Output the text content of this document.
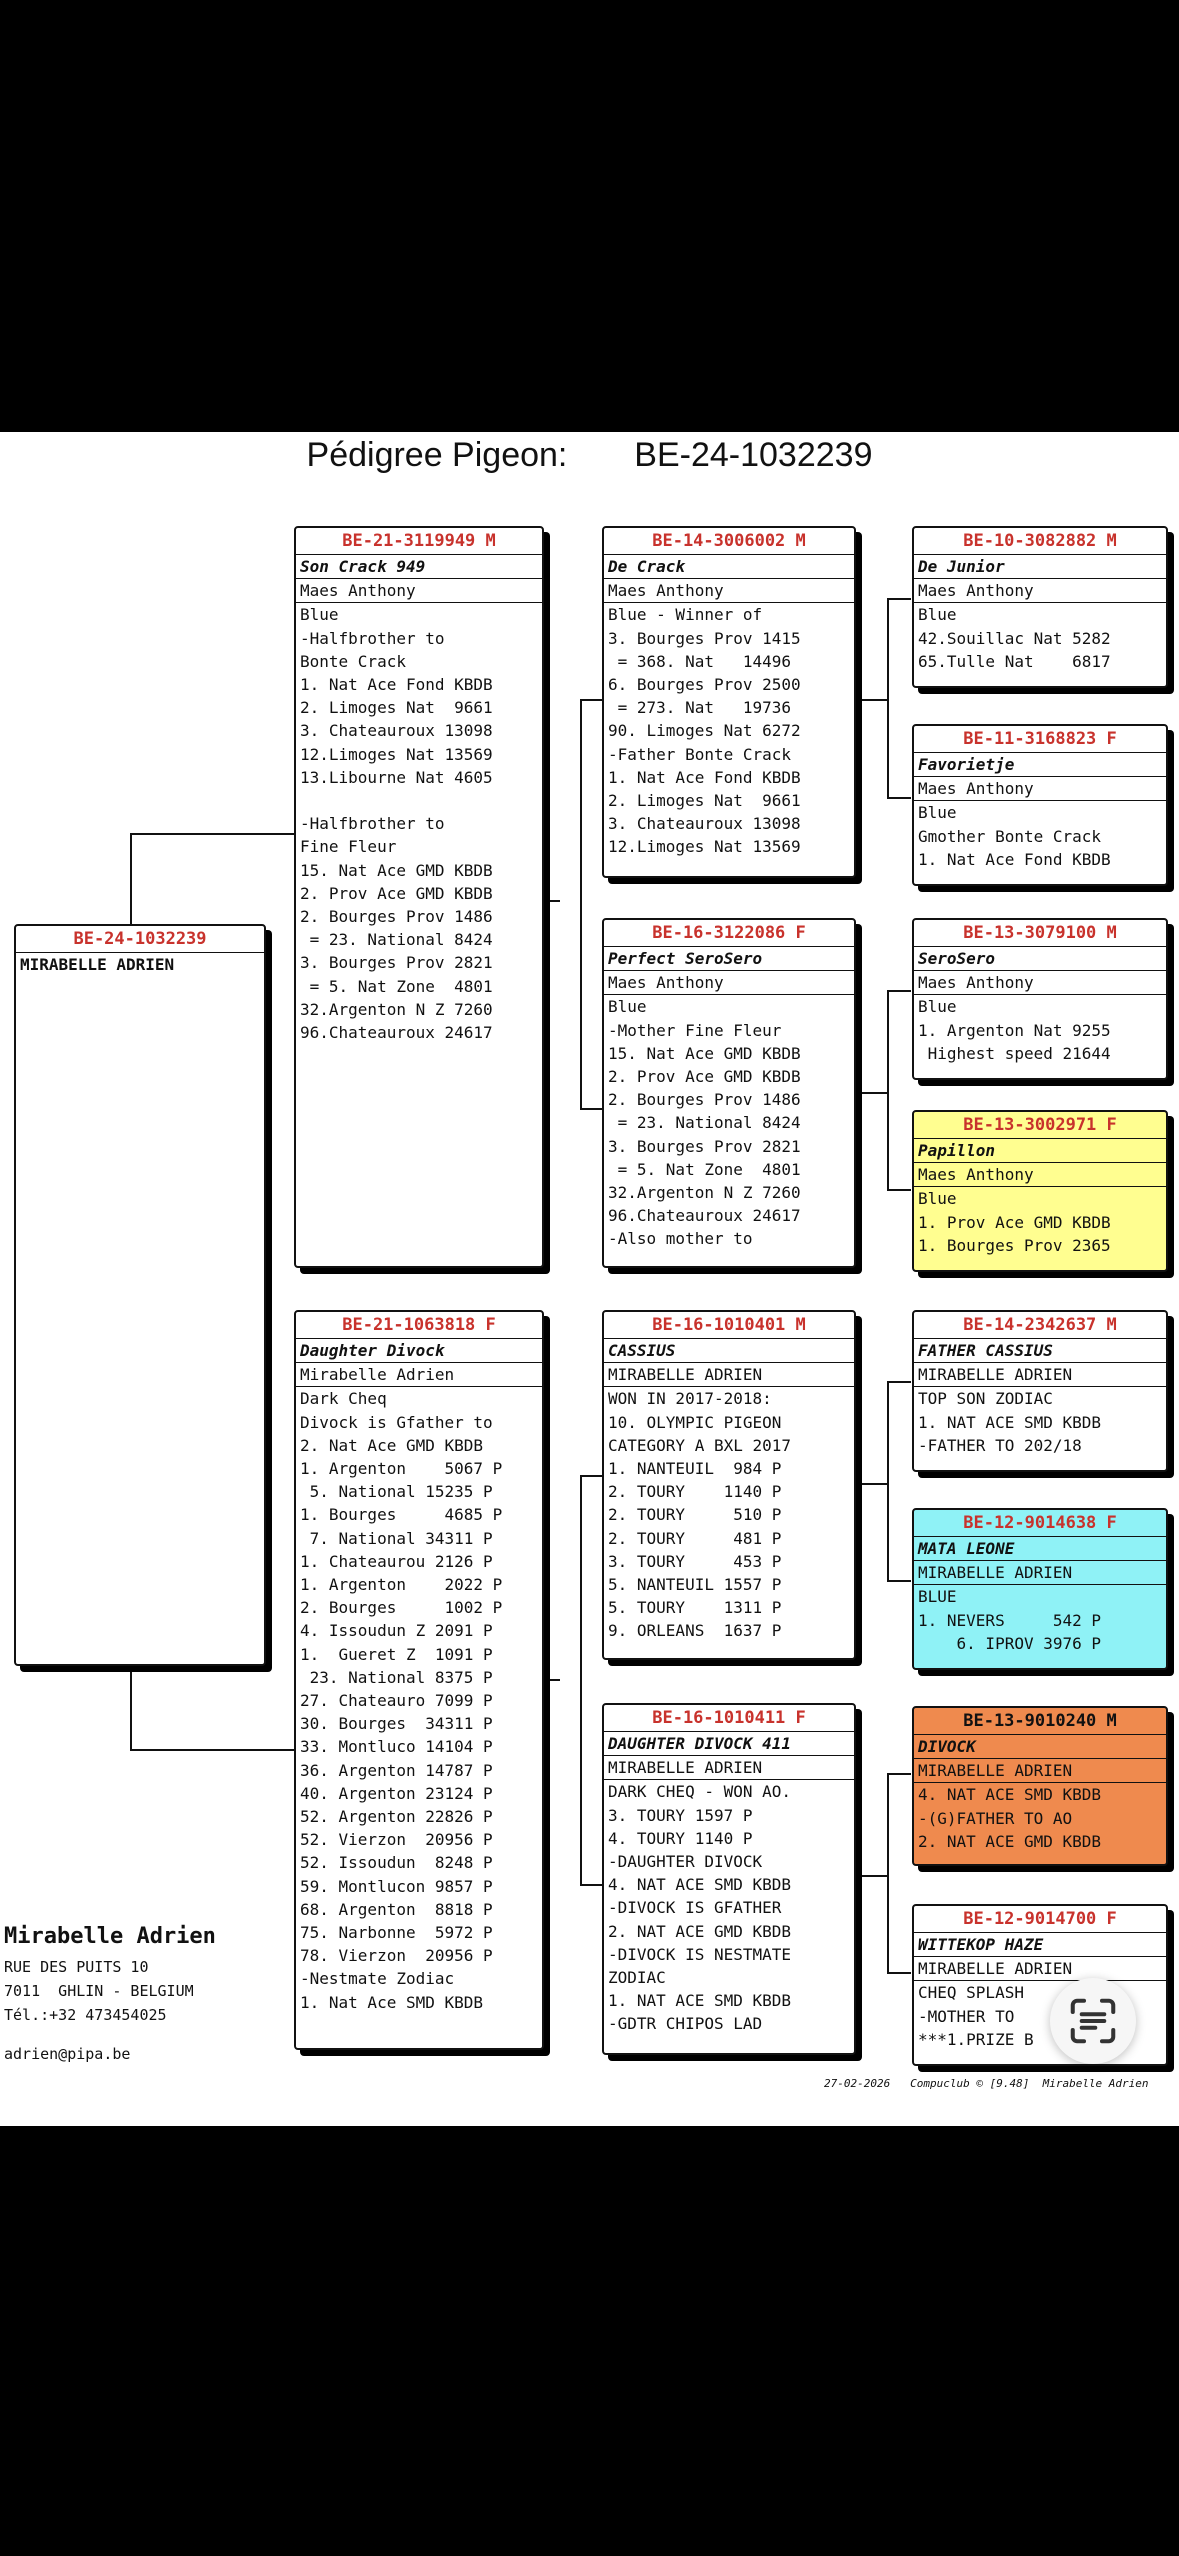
Pédigree Pigeon: BE-24-1032239
BE-24-1032239
MIRABELLE ADRIEN
BE-21-3119949 M
Son Crack 949
Maes Anthony
Blue
-Halfbrother to
Bonte Crack
1. Nat Ace Fond KBDB
2. Limoges Nat  9661
3. Chateauroux 13098
12.Limoges Nat 13569
13.Libourne Nat 4605
-Halfbrother to
Fine Fleur
15. Nat Ace GMD KBDB
2. Prov Ace GMD KBDB
2. Bourges Prov 1486
= 23. National 8424
3. Bourges Prov 2821
= 5. Nat Zone  4801
32.Argenton N Z 7260
96.Chateauroux 24617
BE-21-1063818 F
Daughter Divock
Mirabelle Adrien
Dark Cheq
Divock is Gfather to
2. Nat Ace GMD KBDB
1. Argenton    5067 P
5. National 15235 P
1. Bourges     4685 P
7. National 34311 P
1. Chateaurou 2126 P
1. Argenton    2022 P
2. Bourges     1002 P
4. Issoudun Z 2091 P
1.  Gueret Z  1091 P
23. National 8375 P
27. Chateauro 7099 P
30. Bourges  34311 P
33. Montluco 14104 P
36. Argenton 14787 P
40. Argenton 23124 P
52. Argenton 22826 P
52. Vierzon  20956 P
52. Issoudun  8248 P
59. Montlucon 9857 P
68. Argenton  8818 P
75. Narbonne  5972 P
78. Vierzon  20956 P
-Nestmate Zodiac
1. Nat Ace SMD KBDB
BE-14-3006002 M
De Crack
Maes Anthony
Blue - Winner of
3. Bourges Prov 1415
= 368. Nat   14496
6. Bourges Prov 2500
= 273. Nat   19736
90. Limoges Nat 6272
-Father Bonte Crack
1. Nat Ace Fond KBDB
2. Limoges Nat  9661
3. Chateauroux 13098
12.Limoges Nat 13569
BE-16-3122086 F
Perfect SeroSero
Maes Anthony
Blue
-Mother Fine Fleur
15. Nat Ace GMD KBDB
2. Prov Ace GMD KBDB
2. Bourges Prov 1486
= 23. National 8424
3. Bourges Prov 2821
= 5. Nat Zone  4801
32.Argenton N Z 7260
96.Chateauroux 24617
-Also mother to
BE-16-1010401 M
CASSIUS
MIRABELLE ADRIEN
WON IN 2017-2018:
10. OLYMPIC PIGEON
CATEGORY A BXL 2017
1. NANTEUIL  984 P
2. TOURY    1140 P
2. TOURY     510 P
2. TOURY     481 P
3. TOURY     453 P
5. NANTEUIL 1557 P
5. TOURY    1311 P
9. ORLEANS  1637 P
BE-16-1010411 F
DAUGHTER DIVOCK 411
MIRABELLE ADRIEN
DARK CHEQ - WON AO.
3. TOURY 1597 P
4. TOURY 1140 P
-DAUGHTER DIVOCK
4. NAT ACE SMD KBDB
-DIVOCK IS GFATHER
2. NAT ACE GMD KBDB
-DIVOCK IS NESTMATE
ZODIAC
1. NAT ACE SMD KBDB
-GDTR CHIPOS LAD
BE-10-3082882 M
De Junior
Maes Anthony
Blue
42.Souillac Nat 5282
65.Tulle Nat    6817
BE-11-3168823 F
Favorietje
Maes Anthony
Blue
Gmother Bonte Crack
1. Nat Ace Fond KBDB
BE-13-3079100 M
SeroSero
Maes Anthony
Blue
1. Argenton Nat 9255
Highest speed 21644
BE-13-3002971 F
Papillon
Maes Anthony
Blue
1. Prov Ace GMD KBDB
1. Bourges Prov 2365
BE-14-2342637 M
FATHER CASSIUS
MIRABELLE ADRIEN
TOP SON ZODIAC
1. NAT ACE SMD KBDB
-FATHER TO 202/18
BE-12-9014638 F
MATA LEONE
MIRABELLE ADRIEN
BLUE
1. NEVERS     542 P
6. IPROV 3976 P
BE-13-9010240 M
DIVOCK
MIRABELLE ADRIEN
4. NAT ACE SMD KBDB
-(G)FATHER TO AO
2. NAT ACE GMD KBDB
BE-12-9014700 F
WITTEKOP HAZE
MIRABELLE ADRIEN
CHEQ SPLASH
-MOTHER TO
***1.PRIZE B
Mirabelle Adrien
RUE DES PUITS 10
7011  GHLIN - BELGIUM
Tél.:+32 473454025
adrien@pipa.be
27-02-2026 Compuclub © [9.48] Mirabelle Adrien
